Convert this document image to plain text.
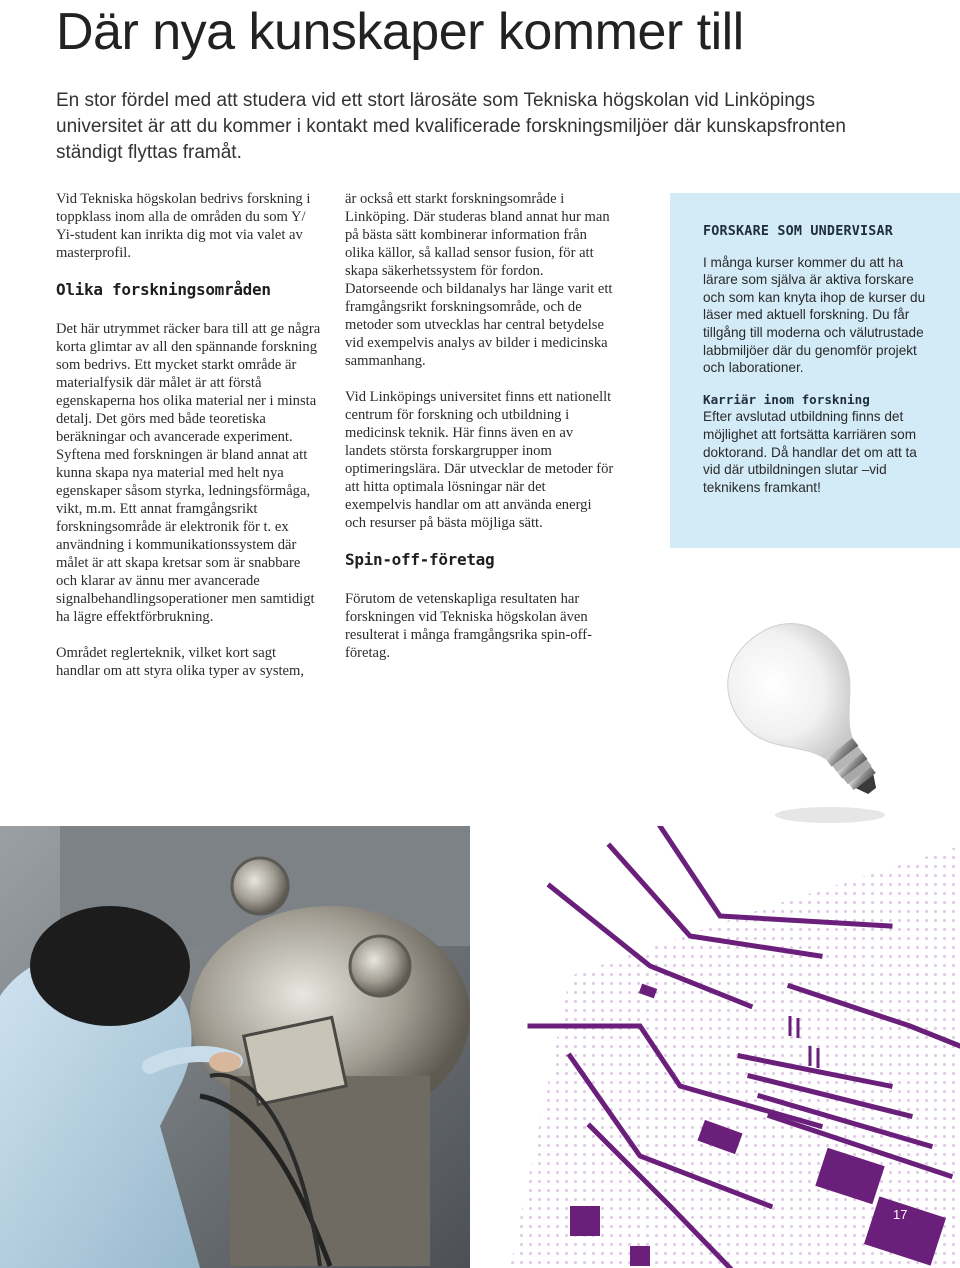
Där nya kunskaper kommer till

En stor fördel med att studera vid ett stort lärosäte som Tekniska högskolan vid Linköpings universitet är att du kommer i kontakt med kvalificerade forskningsmiljöer där kunskapsfronten ständigt flyttas framåt.

Vid Tekniska högskolan bedrivs forskning i toppklass inom alla de områden du som Y/ Yi-student kan inrikta dig mot via valet av masterprofil.

Olika forskningsområden

Det här utrymmet räcker bara till att ge några korta glimtar av all den spännande forskning som bedrivs. Ett mycket starkt område är materialfysik där målet är att förstå egenskaperna hos olika material ner i minsta detalj. Det görs med både teoretiska beräkningar och avancerade experiment. Syftena med forskningen är bland annat att kunna skapa nya material med helt nya egenskaper såsom styrka, ledningsförmåga, vikt, m.m. Ett annat framgångsrikt forskningsområde är elektronik för t. ex användning i kommunikationssystem där målet är att skapa kretsar som är snabbare och klarar av ännu mer avancerade signalbehandlingsoperationer men samtidigt ha lägre effektförbrukning.

Området reglerteknik, vilket kort sagt handlar om att styra olika typer av system,

är också ett starkt forskningsområde i Linköping. Där studeras bland annat hur man på bästa sätt kombinerar information från olika källor, så kallad sensor fusion, för att skapa säkerhetssystem för fordon. Datorseende och bildanalys har länge varit ett framgångsrikt forskningsområde, och de metoder som utvecklas har central betydelse vid exempelvis analys av bilder i medicinska sammanhang.

Vid Linköpings universitet finns ett nationellt centrum för forskning och utbildning i medicinsk teknik. Här finns även en av landets största forskargrupper inom optimeringslära. Där utvecklar de metoder för att hitta optimala lösningar när det exempelvis handlar om att använda energi och resurser på bästa möjliga sätt.

Spin-off-företag

Förutom de vetenskapliga resultaten har forskningen vid Tekniska högskolan även resulterat i många framgångsrika spin-off-företag.

FORSKARE SOM UNDERVISAR

I många kurser kommer du att ha lärare som själva är aktiva forskare och som kan knyta ihop de kurser du läser med aktuell forskning. Du får tillgång till moderna och välutrustade labbmiljöer där du genomför projekt och laborationer.

Karriär inom forskning

Efter avslutad utbildning finns det möjlighet att fortsätta karriären som doktorand. Då handlar det om att ta vid där utbildningen slutar –vid teknikens framkant!

17
